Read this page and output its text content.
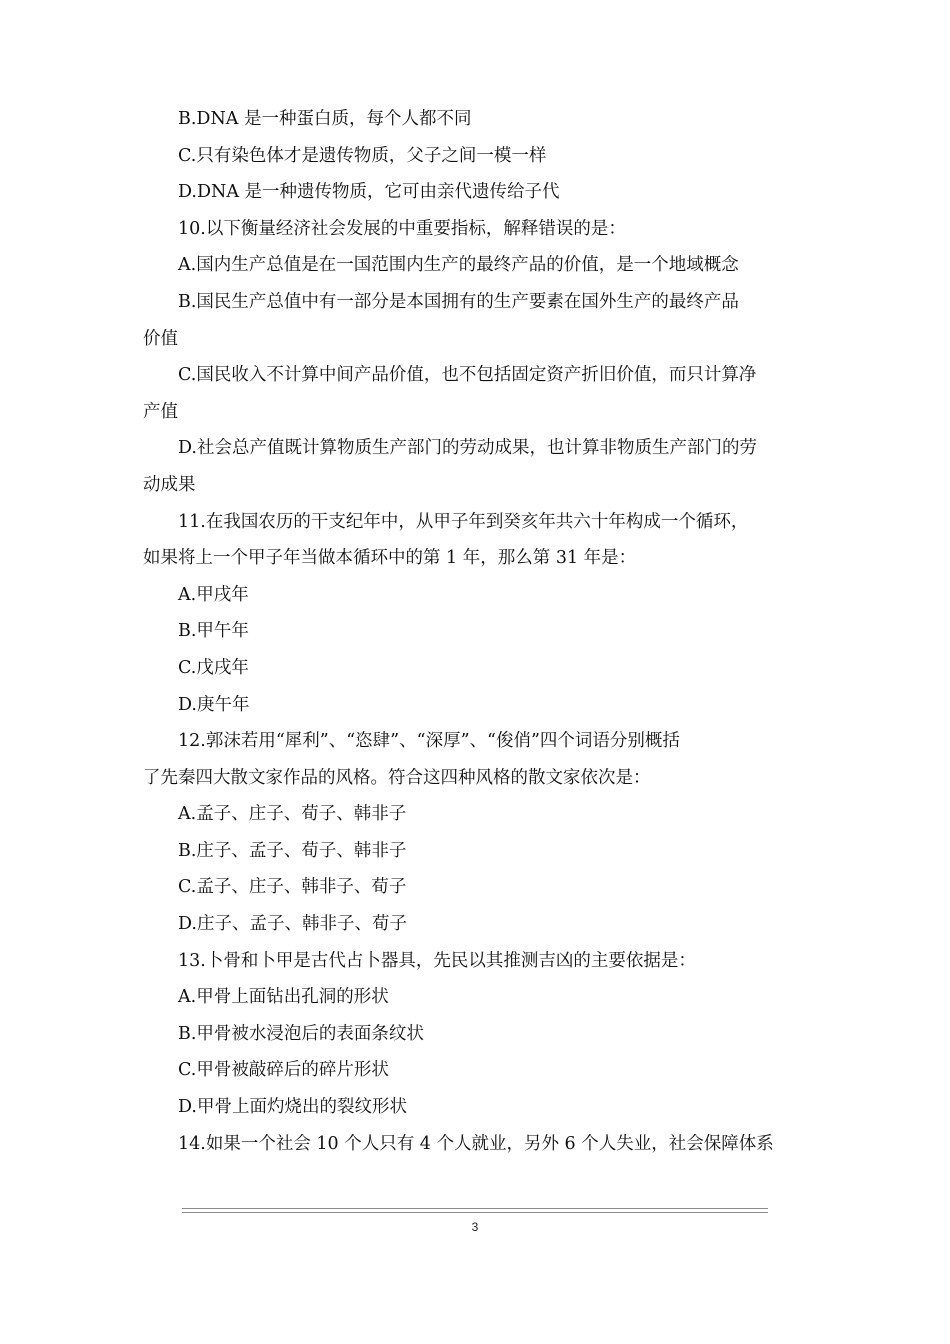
B.DNA 是一种蛋白质，每个人都不同
C.只有染色体才是遗传物质，父子之间一模一样
D.DNA 是一种遗传物质，它可由亲代遗传给子代
10.以下衡量经济社会发展的中重要指标，解释错误的是：
A.国内生产总值是在一国范围内生产的最终产品的价值，是一个地域概念
B.国民生产总值中有一部分是本国拥有的生产要素在国外生产的最终产品
价值
C.国民收入不计算中间产品价值，也不包括固定资产折旧价值，而只计算净
产值
D.社会总产值既计算物质生产部门的劳动成果，也计算非物质生产部门的劳
动成果
11.在我国农历的干支纪年中，从甲子年到癸亥年共六十年构成一个循环，
如果将上一个甲子年当做本循环中的第 1 年，那么第 31 年是：
A.甲戌年
B.甲午年
C.戊戌年
D.庚午年
12.郭沫若用“犀利”、“恣肆”、“深厚”、“俊俏”四个词语分别概括
了先秦四大散文家作品的风格。符合这四种风格的散文家依次是：
A.孟子、庄子、荀子、韩非子
B.庄子、孟子、荀子、韩非子
C.孟子、庄子、韩非子、荀子
D.庄子、孟子、韩非子、荀子
13.卜骨和卜甲是古代占卜器具，先民以其推测吉凶的主要依据是：
A.甲骨上面钻出孔洞的形状
B.甲骨被水浸泡后的表面条纹状
C.甲骨被敲碎后的碎片形状
D.甲骨上面灼烧出的裂纹形状
14.如果一个社会 10 个人只有 4 个人就业，另外 6 个人失业，社会保障体系
3
